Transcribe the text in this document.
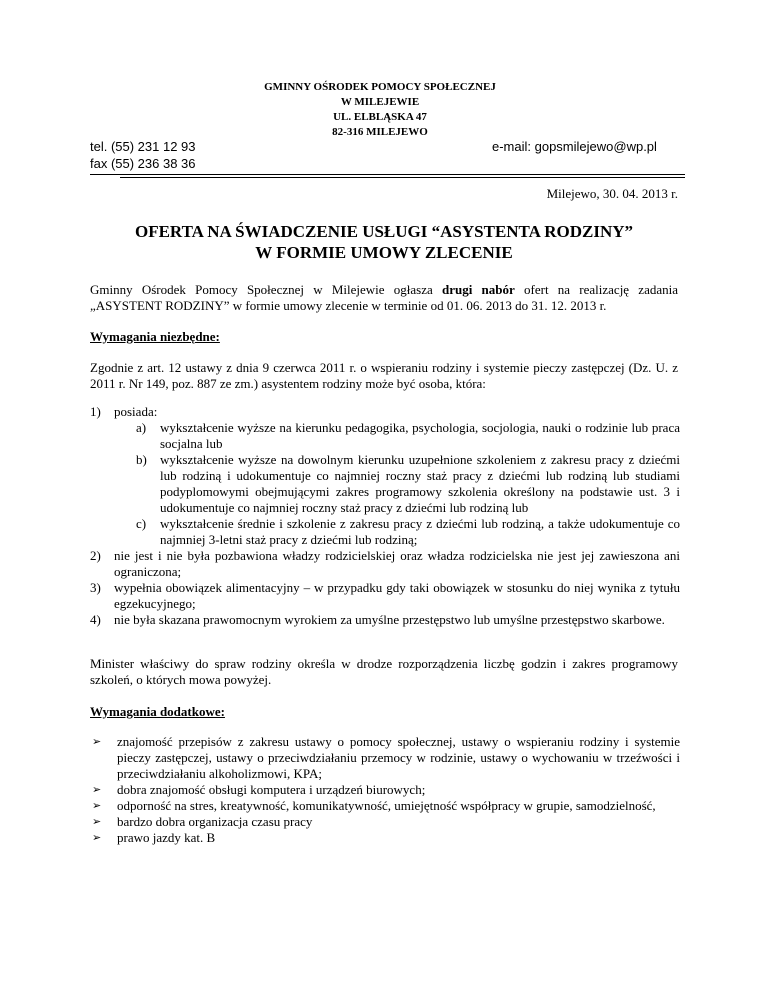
GMINNY OŚRODEK POMOCY SPOŁECZNEJ
W MILEJEWIE
UL. ELBLĄSKA 47
82-316 MILEJEWO
tel. (55) 231 12 93
fax (55) 236 38 36
e-mail: gopsmilejewo@wp.pl
Milejewo, 30. 04. 2013 r.
OFERTA NA ŚWIADCZENIE USŁUGI “ASYSTENTA RODZINY”
W FORMIE UMOWY ZLECENIE
Gminny Ośrodek Pomocy Społecznej w Milejewie ogłasza drugi nabór ofert na realizację zadania „ASYSTENT RODZINY” w formie umowy zlecenie w terminie od 01. 06. 2013 do 31. 12. 2013 r.
Wymagania niezbędne:
Zgodnie z art. 12 ustawy z dnia 9 czerwca 2011 r. o wspieraniu rodziny i systemie pieczy zastępczej (Dz. U. z 2011 r. Nr 149, poz. 887 ze zm.) asystentem rodziny może być osoba, która:
1) posiada:
a) wykształcenie wyższe na kierunku pedagogika, psychologia, socjologia, nauki o rodzinie lub praca socjalna lub
b) wykształcenie wyższe na dowolnym kierunku uzupełnione szkoleniem z zakresu pracy z dziećmi lub rodziną i udokumentuje co najmniej roczny staż pracy z dziećmi lub rodziną lub studiami podyplomowymi obejmującymi zakres programowy szkolenia określony na podstawie ust. 3 i udokumentuje co najmniej roczny staż pracy z dziećmi lub rodziną lub
c) wykształcenie średnie i szkolenie z zakresu pracy z dziećmi lub rodziną, a także udokumentuje co najmniej 3-letni staż pracy z dziećmi lub rodziną;
2) nie jest i nie była pozbawiona władzy rodzicielskiej oraz władza rodzicielska nie jest jej zawieszona ani ograniczona;
3) wypełnia obowiązek alimentacyjny – w przypadku gdy taki obowiązek w stosunku do niej wynika z tytułu egzekucyjnego;
4) nie była skazana prawomocnym wyrokiem za umyślne przestępstwo lub umyślne przestępstwo skarbowe.
Minister właściwy do spraw rodziny określa w drodze rozporządzenia liczbę godzin i zakres programowy szkoleń, o których mowa powyżej.
Wymagania dodatkowe:
➢ znajomość przepisów z zakresu ustawy o pomocy społecznej, ustawy o wspieraniu rodziny i systemie pieczy zastępczej, ustawy o przeciwdziałaniu przemocy w rodzinie, ustawy o wychowaniu w trzeźwości i przeciwdziałaniu alkoholizmowi, KPA;
➢ dobra znajomość obsługi komputera i urządzeń biurowych;
➢ odporność na stres, kreatywność, komunikatywność, umiejętność współpracy w grupie, samodzielność,
➢ bardzo dobra organizacja czasu pracy
➢ prawo jazdy kat. B
